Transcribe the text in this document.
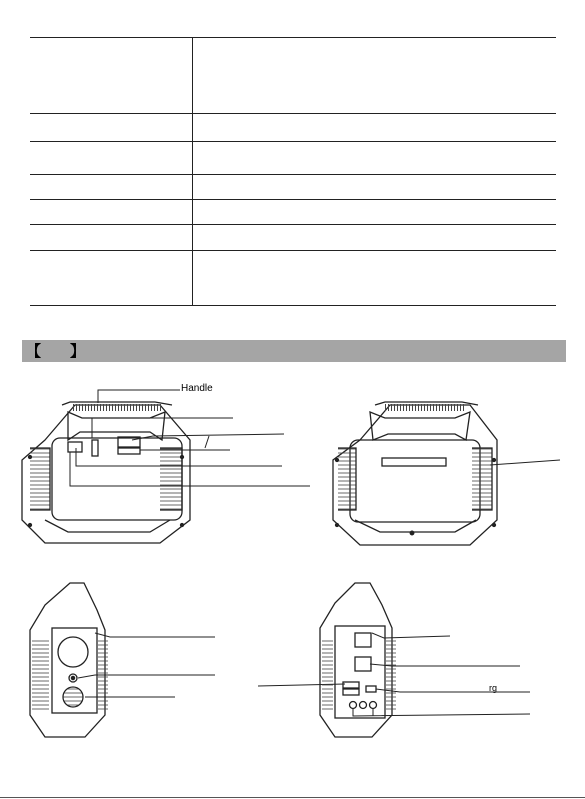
【 】
Handle
rg
